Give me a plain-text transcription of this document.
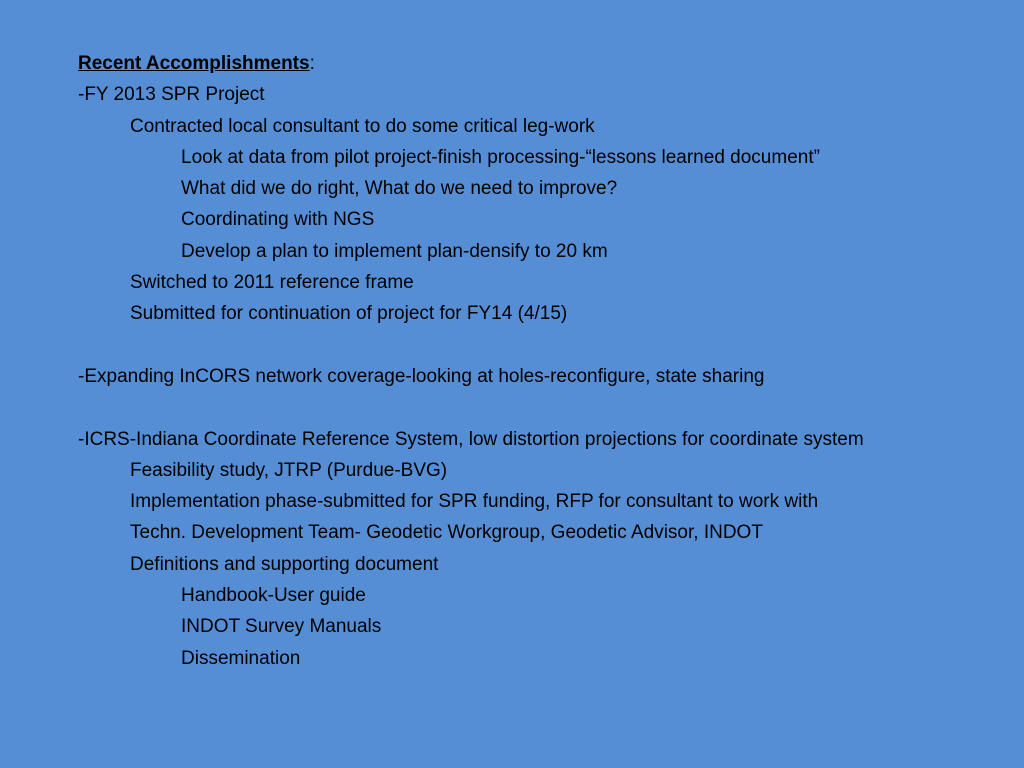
Recent Accomplishments:
-FY 2013 SPR Project
Contracted local consultant to do some critical leg-work
Look at data from pilot project-finish processing-“lessons learned document”
What did we do right, What do we need to improve?
Coordinating with NGS
Develop a plan to implement plan-densify to 20 km
Switched to 2011 reference frame
Submitted for continuation of project for FY14 (4/15)
-Expanding InCORS network coverage-looking at holes-reconfigure, state sharing
-ICRS-Indiana Coordinate Reference System, low distortion projections for coordinate system
Feasibility study, JTRP (Purdue-BVG)
Implementation phase-submitted for SPR funding, RFP for consultant to work with
Techn. Development Team- Geodetic Workgroup, Geodetic Advisor, INDOT
Definitions and supporting document
Handbook-User guide
INDOT Survey Manuals
Dissemination
